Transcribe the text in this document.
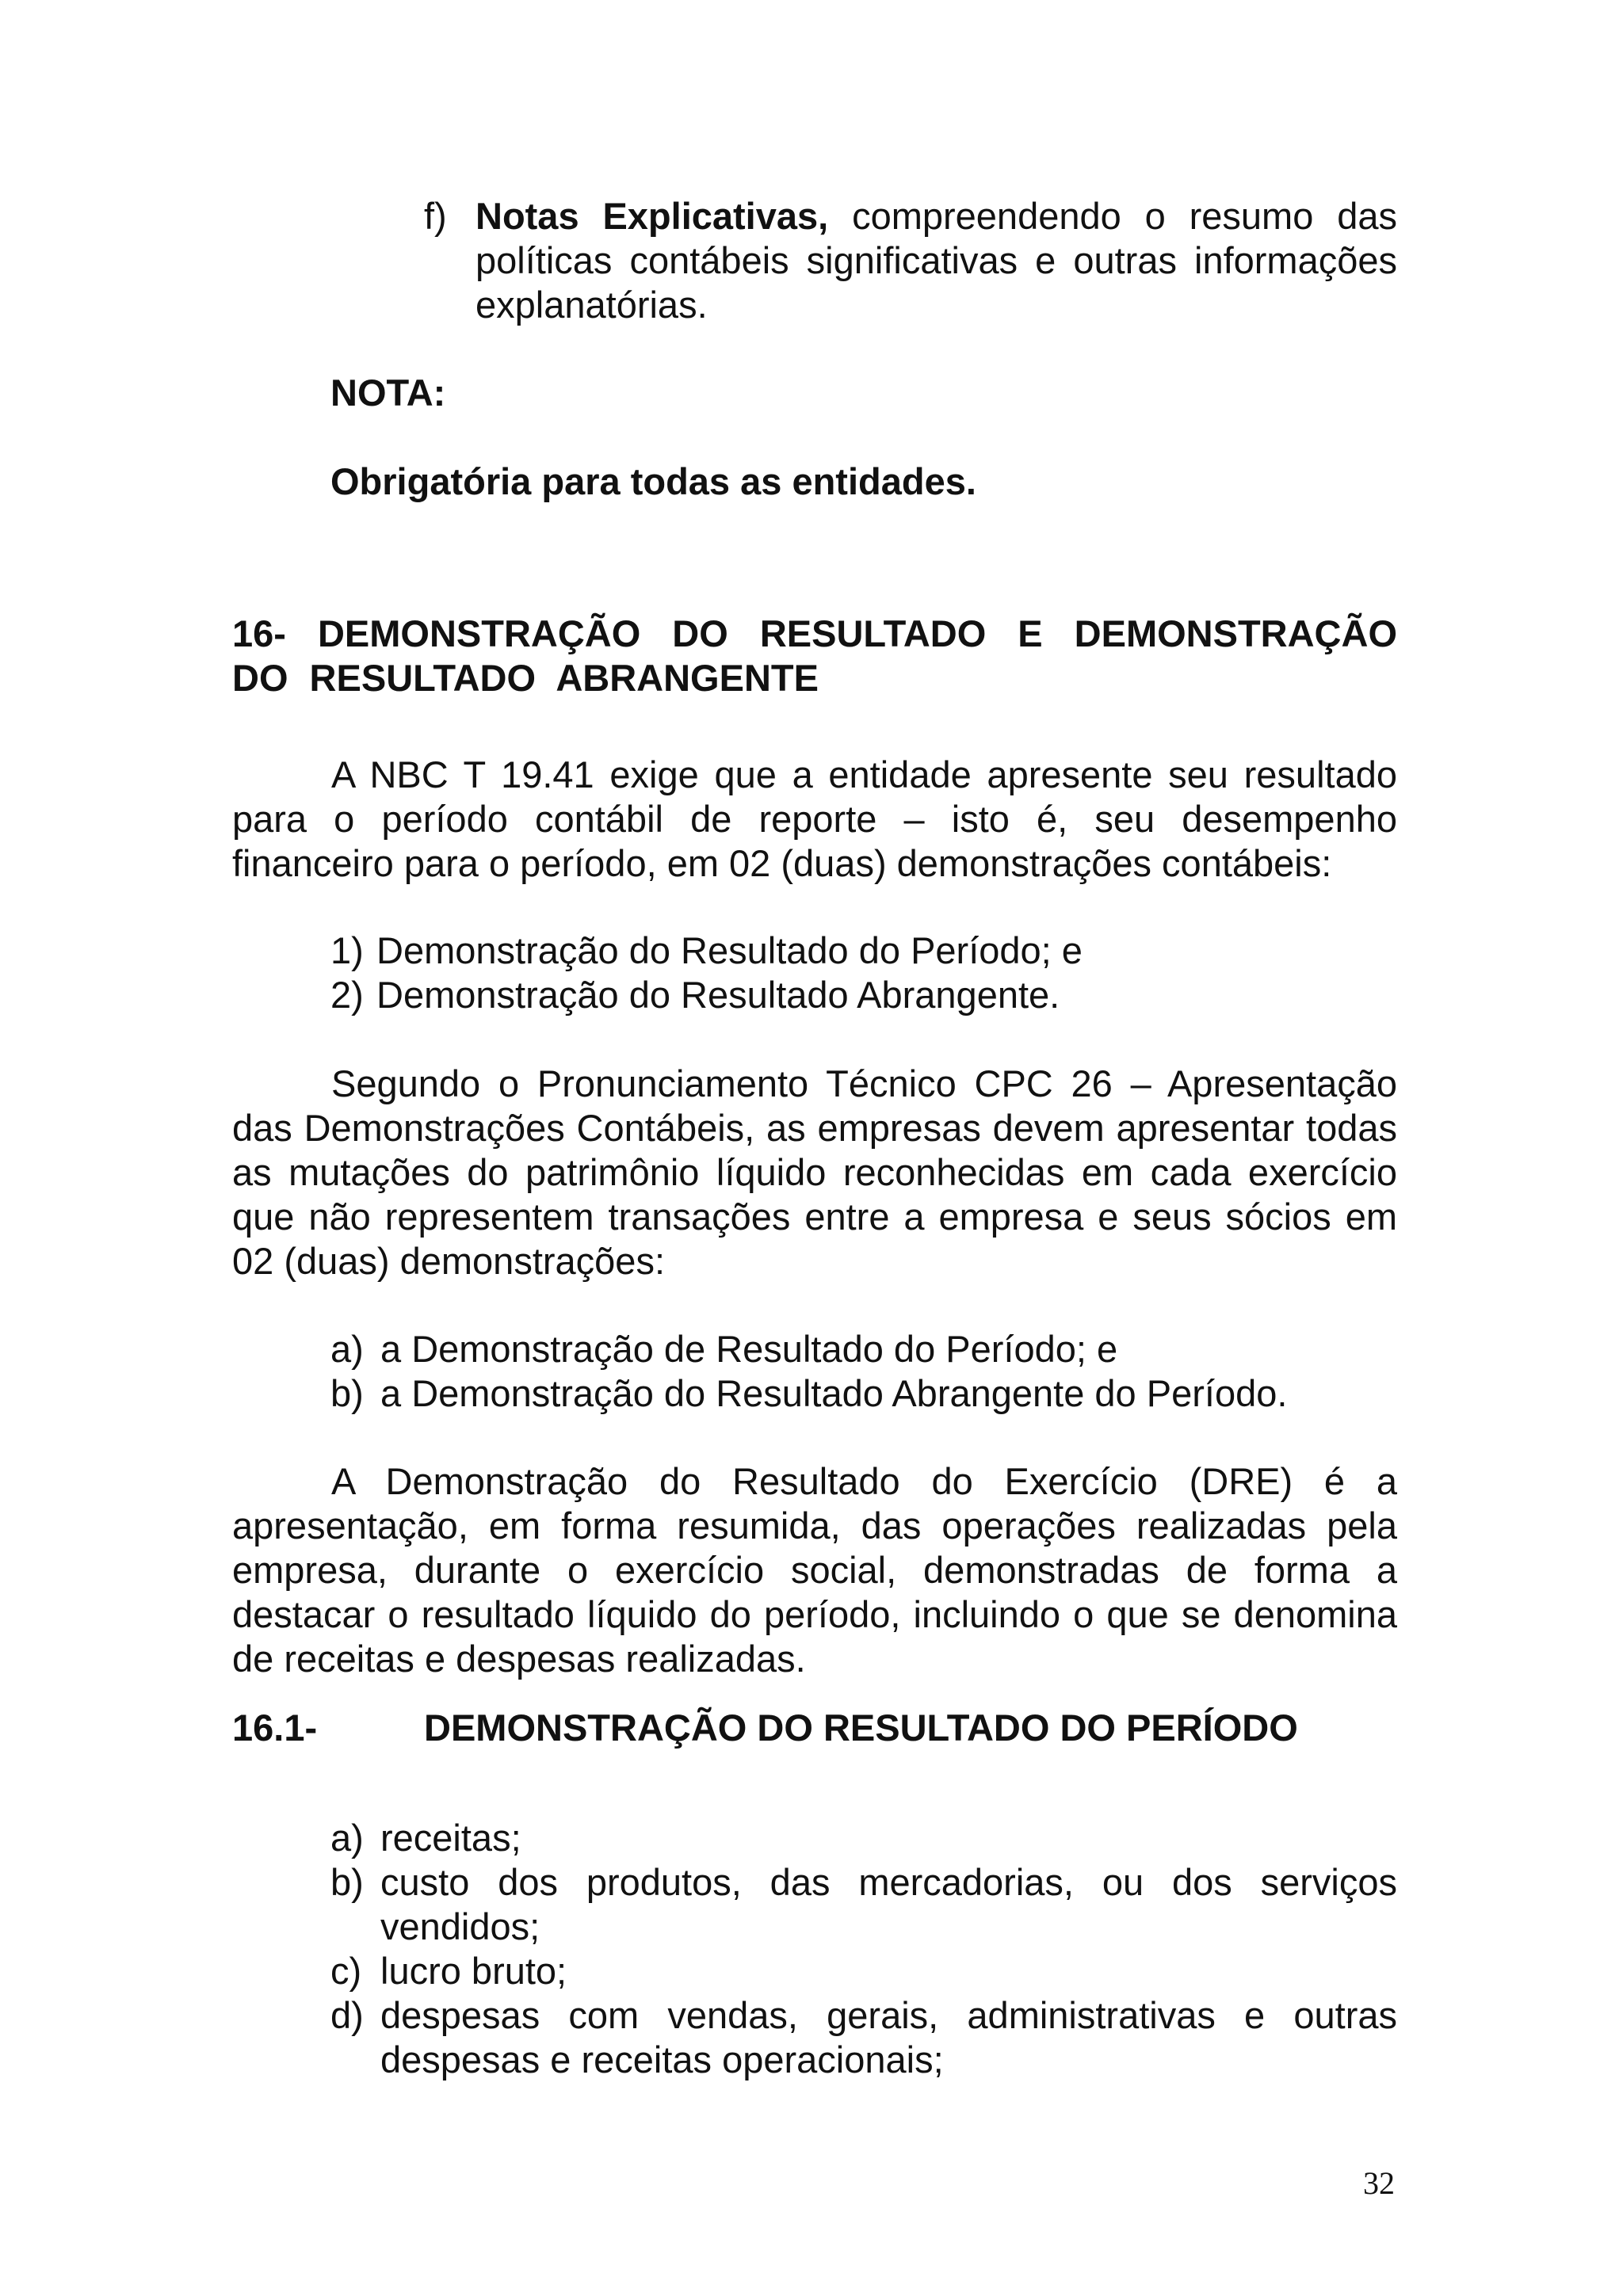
f) Notas Explicativas, compreendendo o resumo das políticas contábeis significativas e outras informações explanatórias.

NOTA:

Obrigatória para todas as entidades.

16- DEMONSTRAÇÃO DO RESULTADO E DEMONSTRAÇÃO DO RESULTADO ABRANGENTE

A NBC T 19.41 exige que a entidade apresente seu resultado para o período contábil de reporte – isto é, seu desempenho financeiro para o período, em 02 (duas) demonstrações contábeis:

1) Demonstração do Resultado do Período; e
2) Demonstração do Resultado Abrangente.

Segundo o Pronunciamento Técnico CPC 26 – Apresentação das Demonstrações Contábeis, as empresas devem apresentar todas as mutações do patrimônio líquido reconhecidas em cada exercício que não representem transações entre a empresa e seus sócios em 02 (duas) demonstrações:

a) a Demonstração de Resultado do Período; e
b) a Demonstração do Resultado Abrangente do Período.

A Demonstração do Resultado do Exercício (DRE) é a apresentação, em forma resumida, das operações realizadas pela empresa, durante o exercício social, demonstradas de forma a destacar o resultado líquido do período, incluindo o que se denomina de receitas e despesas realizadas.

16.1-	DEMONSTRAÇÃO DO RESULTADO DO PERÍODO
a) receitas;
b) custo dos produtos, das mercadorias, ou dos serviços vendidos;
c) lucro bruto;
d) despesas com vendas, gerais, administrativas e outras despesas e receitas operacionais;
32
